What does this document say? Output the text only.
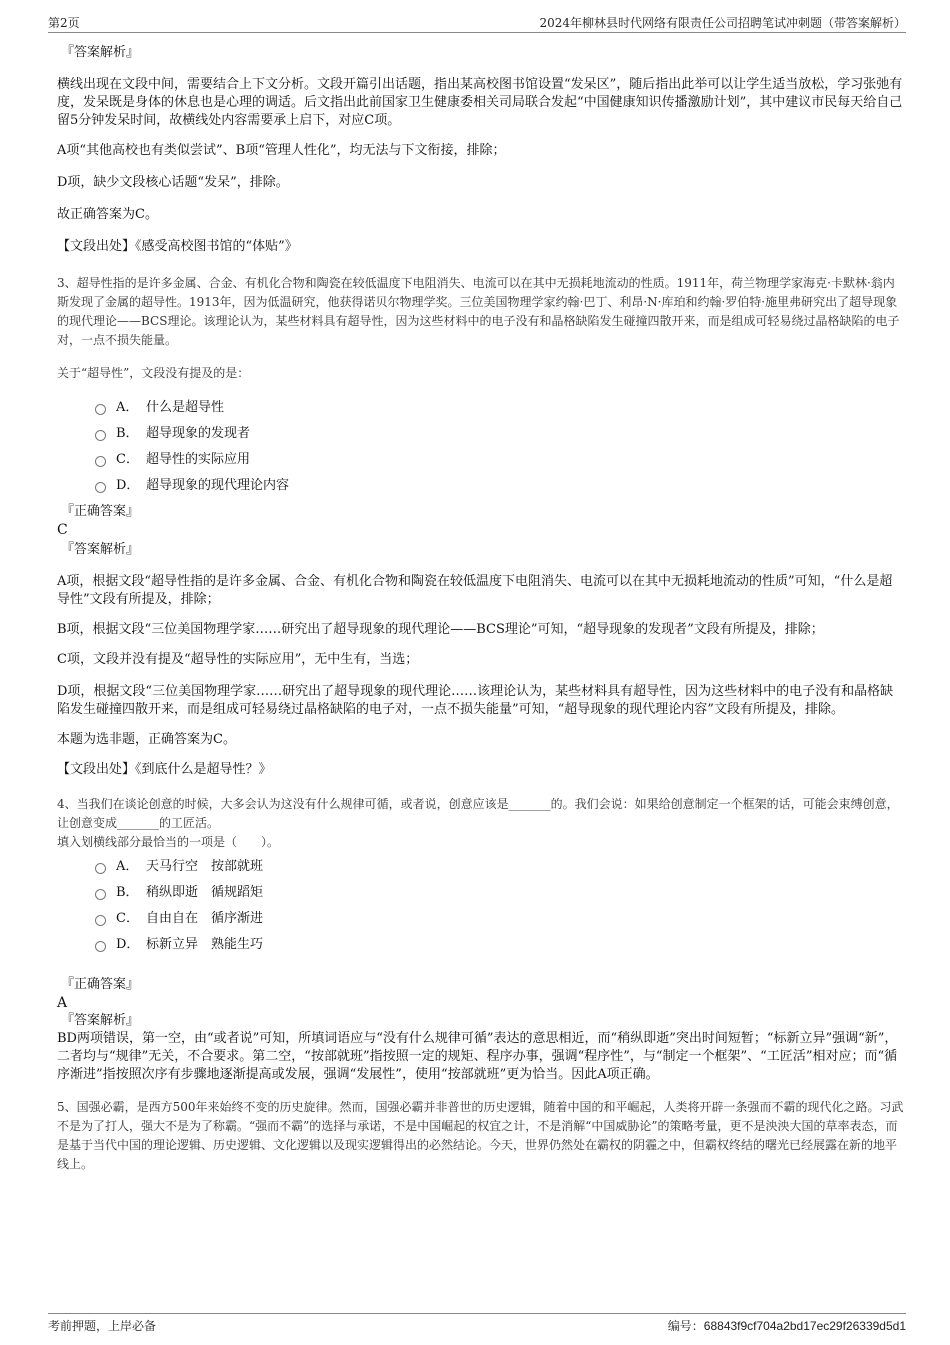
第2页	2024年柳林县时代网络有限责任公司招聘笔试冲刺题（带答案解析）
『答案解析』

横线出现在文段中间，需要结合上下文分析。文段开篇引出话题，指出某高校图书馆设置“发呆区”，随后指出此举可以让学生适当放松，学习张弛有度，发呆既是身体的休息也是心理的调适。后文指出此前国家卫生健康委相关司局联合发起“中国健康知识传播激励计划”，其中建议市民每天给自己留5分钟发呆时间，故横线处内容需要承上启下，对应C项。

A项“其他高校也有类似尝试”、B项“管理人性化”，均无法与下文衔接，排除；

D项，缺少文段核心话题“发呆”，排除。

故正确答案为C。

【文段出处】《感受高校图书馆的“体贴”》

3、超导性指的是许多金属、合金、有机化合物和陶瓷在较低温度下电阻消失、电流可以在其中无损耗地流动的性质。1911年，荷兰物理学家海克·卡默林·翁内斯发现了金属的超导性。1913年，因为低温研究，他获得诺贝尔物理学奖。三位美国物理学家约翰·巴丁、利昂·N·库珀和约翰·罗伯特·施里弗研究出了超导现象的现代理论——BCS理论。该理论认为，某些材料具有超导性，因为这些材料中的电子没有和晶格缺陷发生碰撞四散开来，而是组成可轻易绕过晶格缺陷的电子对，一点不损失能量。

关于“超导性”，文段没有提及的是：

A． 什么是超导性
B． 超导现象的发现者
C． 超导性的实际应用
D． 超导现象的现代理论内容
『正确答案』
C
『答案解析』

A项，根据文段“超导性指的是许多金属、合金、有机化合物和陶瓷在较低温度下电阻消失、电流可以在其中无损耗地流动的性质”可知，“什么是超导性”文段有所提及，排除；

B项，根据文段“三位美国物理学家……研究出了超导现象的现代理论——BCS理论”可知，“超导现象的发现者”文段有所提及，排除；

C项，文段并没有提及“超导性的实际应用”，无中生有，当选；

D项，根据文段“三位美国物理学家……研究出了超导现象的现代理论……该理论认为，某些材料具有超导性，因为这些材料中的电子没有和晶格缺陷发生碰撞四散开来，而是组成可轻易绕过晶格缺陷的电子对，一点不损失能量”可知，“超导现象的现代理论内容”文段有所提及，排除。

本题为选非题，正确答案为C。

【文段出处】《到底什么是超导性？》

4、当我们在谈论创意的时候，大多会认为这没有什么规律可循，或者说，创意应该是_______的。我们会说：如果给创意制定一个框架的话，可能会束缚创意，让创意变成_______的工匠活。

填入划横线部分最恰当的一项是（　　）。

A． 天马行空　按部就班
B． 稍纵即逝　循规蹈矩
C． 自由自在　循序渐进
D． 标新立异　熟能生巧
『正确答案』
A
『答案解析』

BD两项错误，第一空，由“或者说”可知，所填词语应与“没有什么规律可循”表达的意思相近，而“稍纵即逝”突出时间短暂；“标新立异”强调“新”，二者均与“规律”无关，不合要求。第二空，“按部就班”指按照一定的规矩、程序办事，强调“程序性”，与“制定一个框架”、“工匠活”相对应；而“循序渐进”指按照次序有步骤地逐渐提高或发展，强调“发展性”，使用“按部就班”更为恰当。因此A项正确。

5、国强必霸，是西方500年来始终不变的历史旋律。然而，国强必霸并非普世的历史逻辑，随着中国的和平崛起，人类将开辟一条强而不霸的现代化之路。习武不是为了打人，强大不是为了称霸。“强而不霸”的选择与承诺，不是中国崛起的权宜之计，不是消解“中国威胁论”的策略考量，更不是泱泱大国的草率表态，而是基于当代中国的理论逻辑、历史逻辑、文化逻辑以及现实逻辑得出的必然结论。今天，世界仍然处在霸权的阴霾之中，但霸权终结的曙光已经展露在新的地平线上。

考前押题，上岸必备	编号：68843f9cf704a2bd17ec29f26339d5d1
